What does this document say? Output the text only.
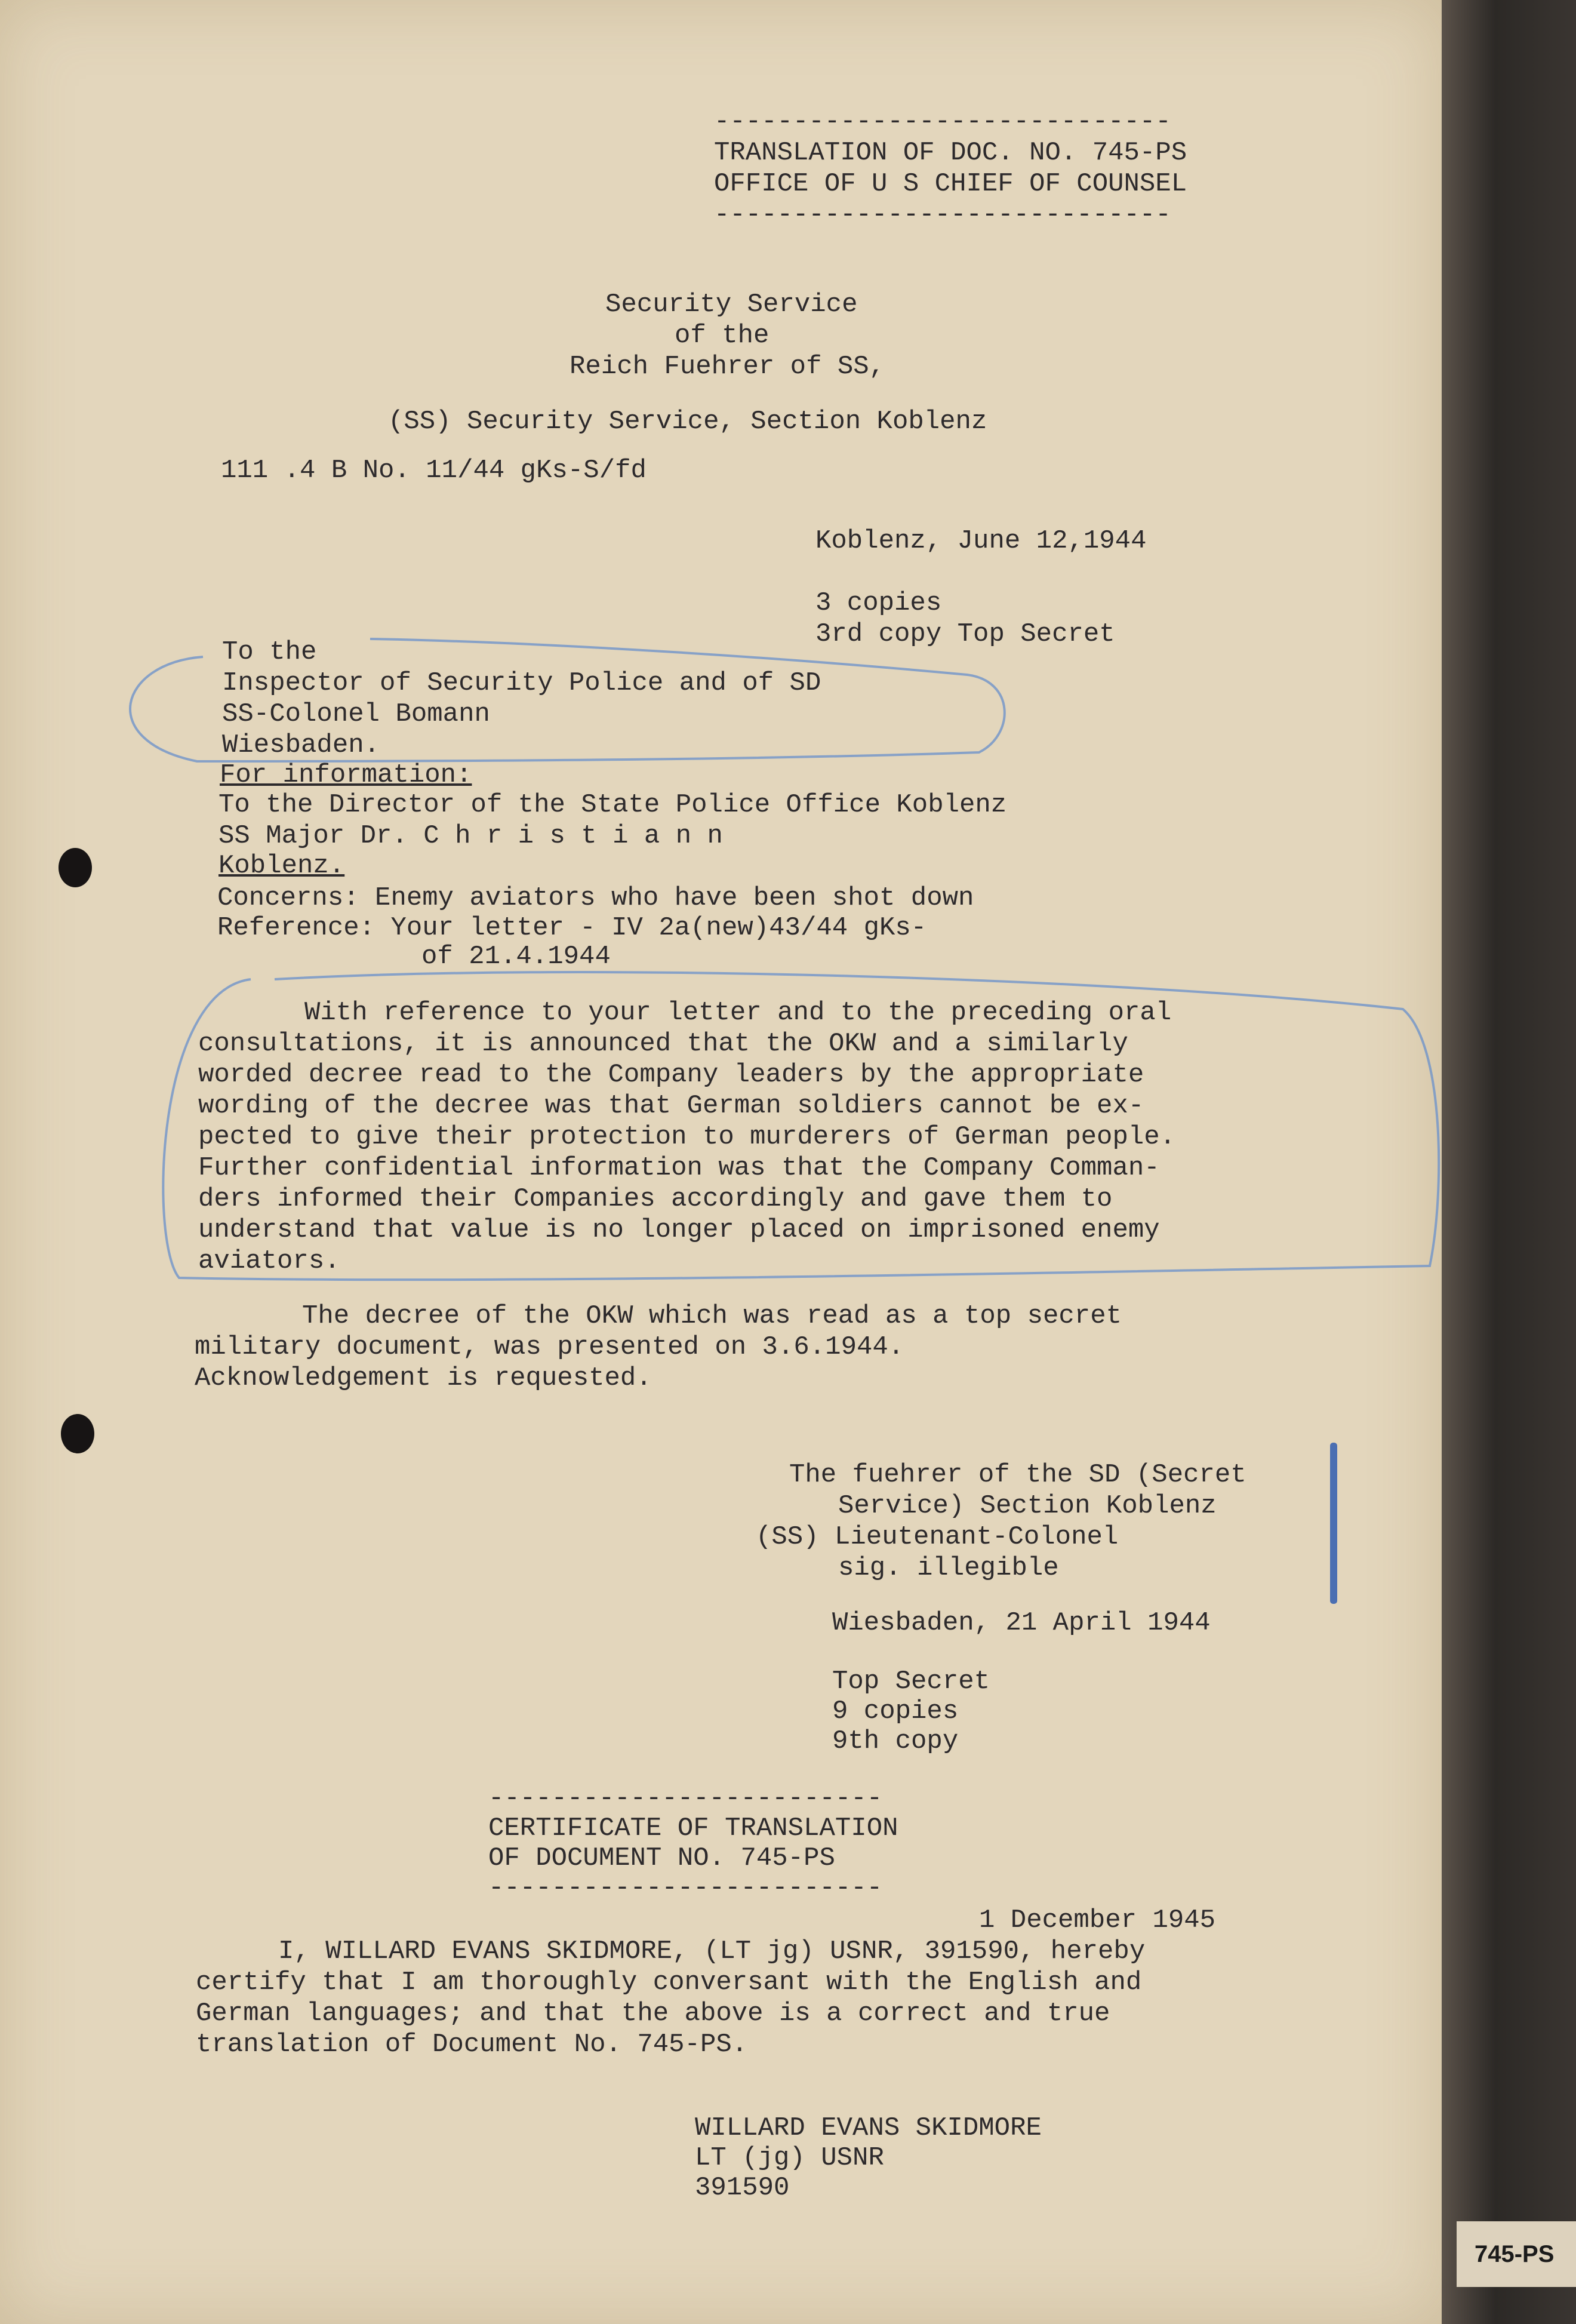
-----------------------------

TRANSLATION OF DOC. NO. 745-PS

OFFICE OF U S CHIEF OF COUNSEL

-----------------------------

Security Service

of the

Reich Fuehrer of SS,

(SS) Security Service, Section Koblenz

111 .4 B No. 11/44 gKs-S/fd

Koblenz, June 12,1944

3 copies

3rd copy Top Secret

To the

Inspector of Security Police and of SD

SS-Colonel Bomann

Wiesbaden.

For information:

To the Director of the State Police Office Koblenz

SS Major Dr. C h r i s t i a n n

Koblenz.

Concerns: Enemy aviators who have been shot down

Reference: Your letter - IV 2a(new)43/44 gKs-

of 21.4.1944

With reference to your letter and to the preceding oral

consultations, it is announced that the OKW and a similarly

worded decree read to the Company leaders by the appropriate

wording of the decree was that German soldiers cannot be ex-

pected to give their protection to murderers of German people.

Further confidential information was that the Company Comman-

ders informed their Companies accordingly and gave them to

understand that value is no longer placed on imprisoned enemy

aviators.

The decree of the OKW which was read as a top secret

military document, was presented on 3.6.1944.

Acknowledgement is requested.

The fuehrer of the SD (Secret

Service) Section Koblenz

(SS) Lieutenant-Colonel

sig. illegible

Wiesbaden, 21 April 1944

Top Secret

9 copies

9th copy

-------------------------

CERTIFICATE OF TRANSLATION

OF DOCUMENT NO. 745-PS

-------------------------

1 December 1945

I, WILLARD EVANS SKIDMORE, (LT jg) USNR, 391590, hereby

certify that I am thoroughly conversant with the English and

German languages; and that the above is a correct and true

translation of Document No. 745-PS.

WILLARD EVANS SKIDMORE

LT (jg) USNR

391590

745-PS
